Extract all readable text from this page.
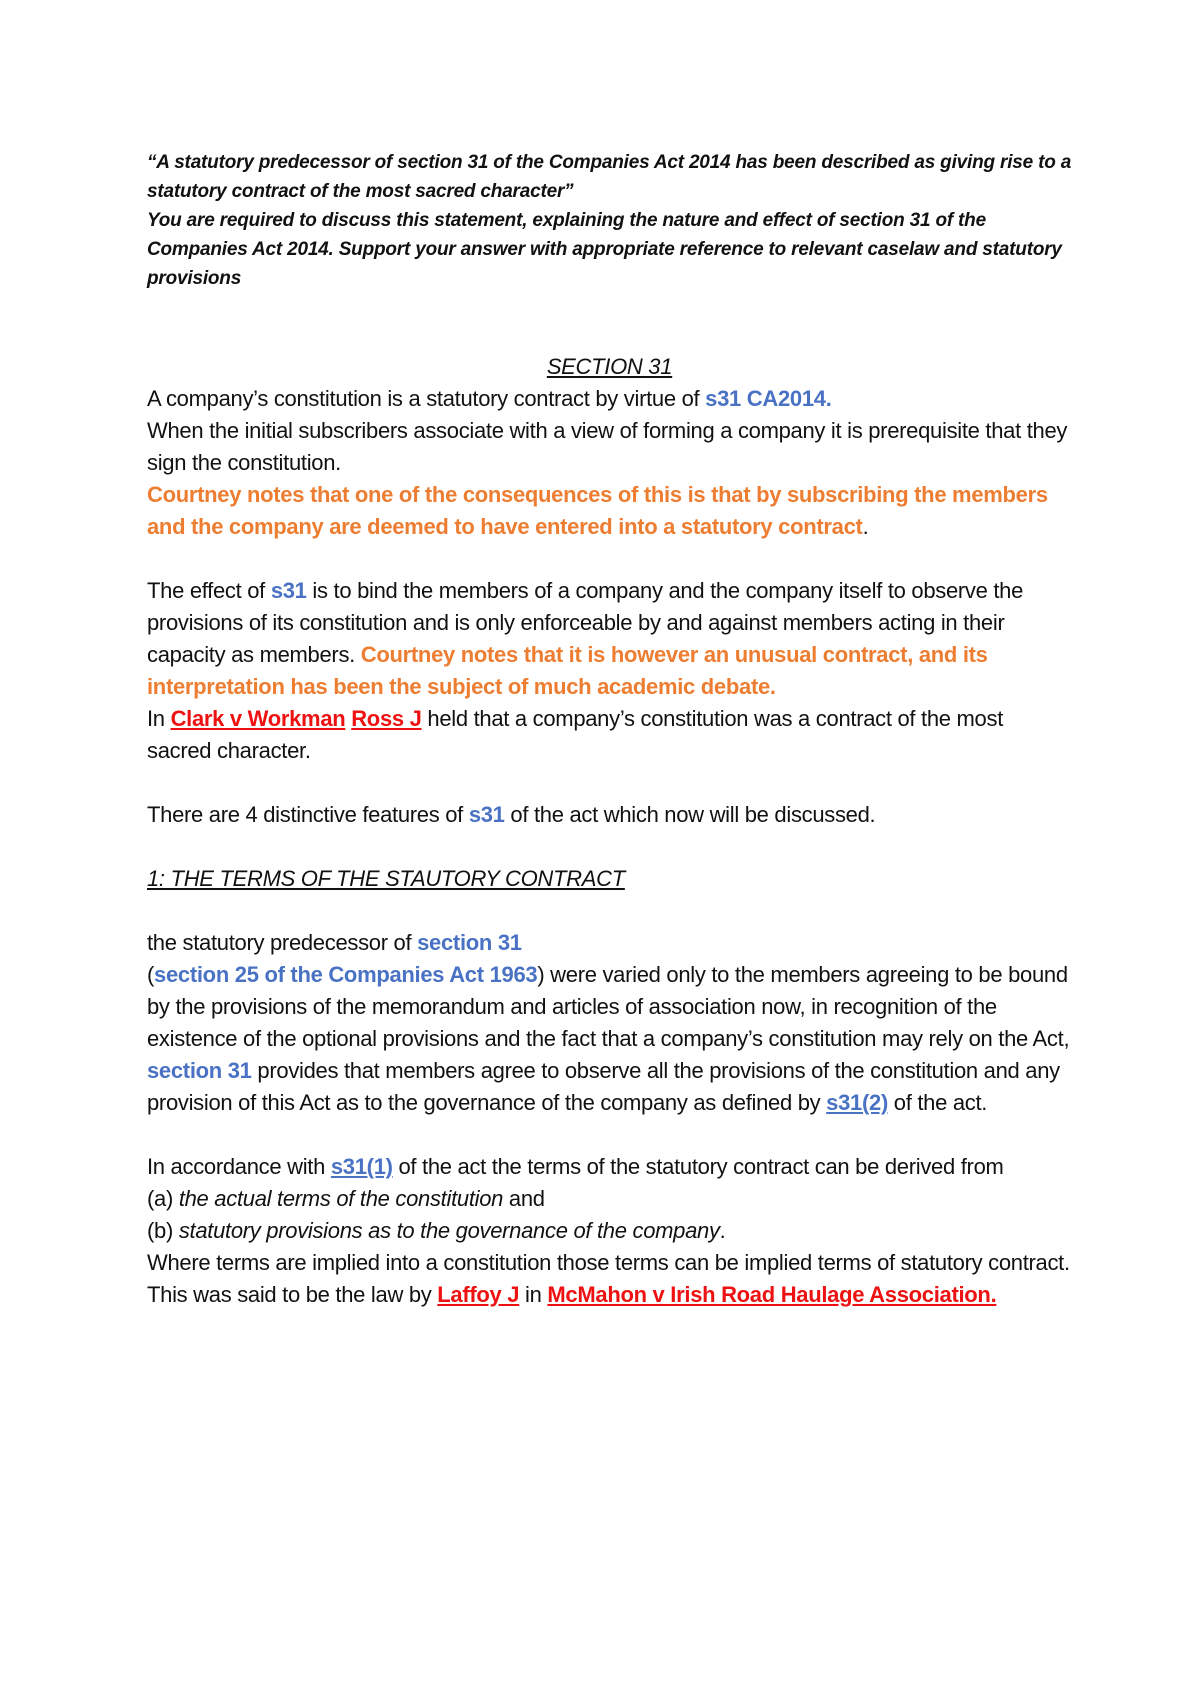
“A statutory predecessor of section 31 of the Companies Act 2014 has been described as giving rise to a statutory contract of the most sacred character”
You are required to discuss this statement, explaining the nature and effect of section 31 of the Companies Act 2014. Support your answer with appropriate reference to relevant caselaw and statutory provisions

SECTION 31

A company’s constitution is a statutory contract by virtue of s31 CA2014.

When the initial subscribers associate with a view of forming a company it is prerequisite that they sign the constitution.

Courtney notes that one of the consequences of this is that by subscribing the members and the company are deemed to have entered into a statutory contract.

The effect of s31 is to bind the members of a company and the company itself to observe the provisions of its constitution and is only enforceable by and against members acting in their capacity as members. Courtney notes that it is however an unusual contract, and its interpretation has been the subject of much academic debate.

In Clark v Workman Ross J held that a company’s constitution was a contract of the most sacred character.

There are 4 distinctive features of s31 of the act which now will be discussed.

1: THE TERMS OF THE STAUTORY CONTRACT

the statutory predecessor of section 31

(section 25 of the Companies Act 1963) were varied only to the members agreeing to be bound by the provisions of the memorandum and articles of association now, in recognition of the existence of the optional provisions and the fact that a company’s constitution may rely on the Act, section 31 provides that members agree to observe all the provisions of the constitution and any provision of this Act as to the governance of the company as defined by s31(2) of the act.

In accordance with s31(1) of the act the terms of the statutory contract can be derived from

(a) the actual terms of the constitution and

(b) statutory provisions as to the governance of the company.

Where terms are implied into a constitution those terms can be implied terms of statutory contract. This was said to be the law by Laffoy J in McMahon v Irish Road Haulage Association.
